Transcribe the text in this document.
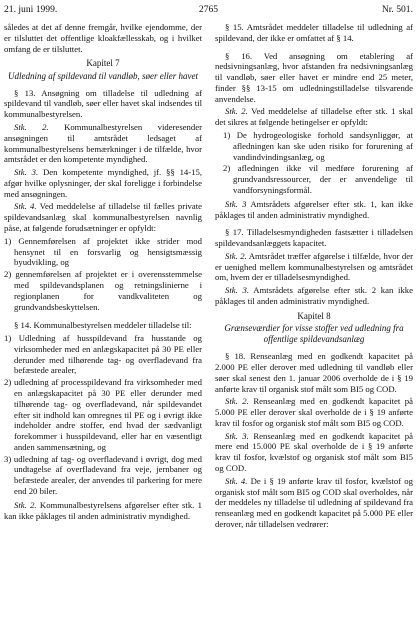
21. juni 1999.	2765	Nr. 501.

således at det af denne fremgår, hvilke ejendomme, der er tilsluttet det offentlige kloakfællesskab, og i hvilket omfang de er tilsluttet.

Kapitel 7
Udledning af spildevand til vandløb, søer eller havet

§ 13. Ansøgning om tilladelse til udledning af spildevand til vandløb, søer eller havet skal indsendes til kommunalbestyrelsen.

Stk. 2. Kommunalbestyrelsen videresender ansøgningen til amtsrådet ledsaget af kommunalbestyrelsens bemærkninger i de tilfælde, hvor amtsrådet er den kompetente myndighed.

Stk. 3. Den kompetente myndighed, jf. §§ 14-15, afgør hvilke oplysninger, der skal foreligge i forbindelse med ansøgningen.

Stk. 4. Ved meddelelse af tilladelse til fælles private spildevandsanlæg skal kommunalbestyrelsen navnlig påse, at følgende forudsætninger er opfyldt:

1) Gennemførelsen af projektet ikke strider mod hensynet til en forsvarlig og hensigtsmæssig byudvikling, og
2) gennemførelsen af projektet er i overensstemmelse med spildevandsplanen og retningslinierne i regionplanen for vandkvaliteten og grundvandsbeskyttelsen.

§ 14. Kommunalbestyrelsen meddeler tilladelse til:

1) Udledning af husspildevand fra husstande og virksomheder med en anlægskapacitet på 30 PE eller derunder med tilhørende tag- og overfladevand fra befæstede arealer,
2) udledning af processpildevand fra virksomheder med en anlægskapacitet på 30 PE eller derunder med tilhørende tag- og overfladevand, når spildevandet efter sit indhold kan omregnes til PE og i øvrigt ikke indeholder andre stoffer, end hvad der sædvanligt forekommer i husspildevand, eller har en væsentligt anden sammensætning, og
3) udledning af tag- og overfladevand i øvrigt, dog med undtagelse af overfladevand fra veje, jernbaner og befæstede arealer, der anvendes til parkering for mere end 20 biler.

Stk. 2. Kommunalbestyrelsens afgørelser efter stk. 1 kan ikke påklages til anden administrativ myndighed.

§ 15. Amtsrådet meddeler tilladelse til udledning af spildevand, der ikke er omfattet af § 14.

§ 16. Ved ansøgning om etablering af nedsivningsanlæg, hvor afstanden fra nedsivningsanlæg til vandløb, søer eller havet er mindre end 25 meter, finder §§ 13-15 om udledningstilladelse tilsvarende anvendelse.

Stk. 2. Ved meddelelse af tilladelse efter stk. 1 skal det sikres at følgende betingelser er opfyldt:

1) De hydrogeologiske forhold sandsynliggør, at afledningen kan ske uden risiko for forurening af vandindvindingsanlæg, og
2) afledningen ikke vil medføre forurening af grundvandsressourcer, der er anvendelige til vandforsyningsformål.

Stk. 3 Amtsrådets afgørelser efter stk. 1, kan ikke påklages til anden administrativ myndighed.

§ 17. Tilladelsesmyndigheden fastsætter i tilladelsen spildevandsanlæggets kapacitet.

Stk. 2. Amtsrådet træffer afgørelse i tilfælde, hvor der er uenighed mellem kommunalbestyrelsen og amtsrådet om, hvem der er tilladelsesmyndighed.

Stk. 3. Amtsrådets afgørelse efter stk. 2 kan ikke påklages til anden administrativ myndighed.

Kapitel 8
Grænseværdier for visse stoffer ved udledning fra offentlige spildevandsanlæg

§ 18. Renseanlæg med en godkendt kapacitet på 2.000 PE eller derover med udledning til vandløb eller søer skal senest den 1. januar 2006 overholde de i § 19 anførte krav til organisk stof målt som BI5 og COD.

Stk. 2. Renseanlæg med en godkendt kapacitet på 5.000 PE eller derover skal overholde de i § 19 anførte krav til fosfor og organisk stof målt som BI5 og COD.

Stk. 3. Renseanlæg med en godkendt kapacitet på mere end 15.000 PE skal overholde de i § 19 anførte krav til fosfor, kvælstof og organisk stof målt som BI5 og COD.

Stk. 4. De i § 19 anførte krav til fosfor, kvælstof og organisk stof målt som BI5 og COD skal overholdes, når der meddeles ny tilladelse til udledning af spildevand fra renseanlæg med en godkendt kapacitet på 5.000 PE eller derover, når tilladelsen vedrører:
